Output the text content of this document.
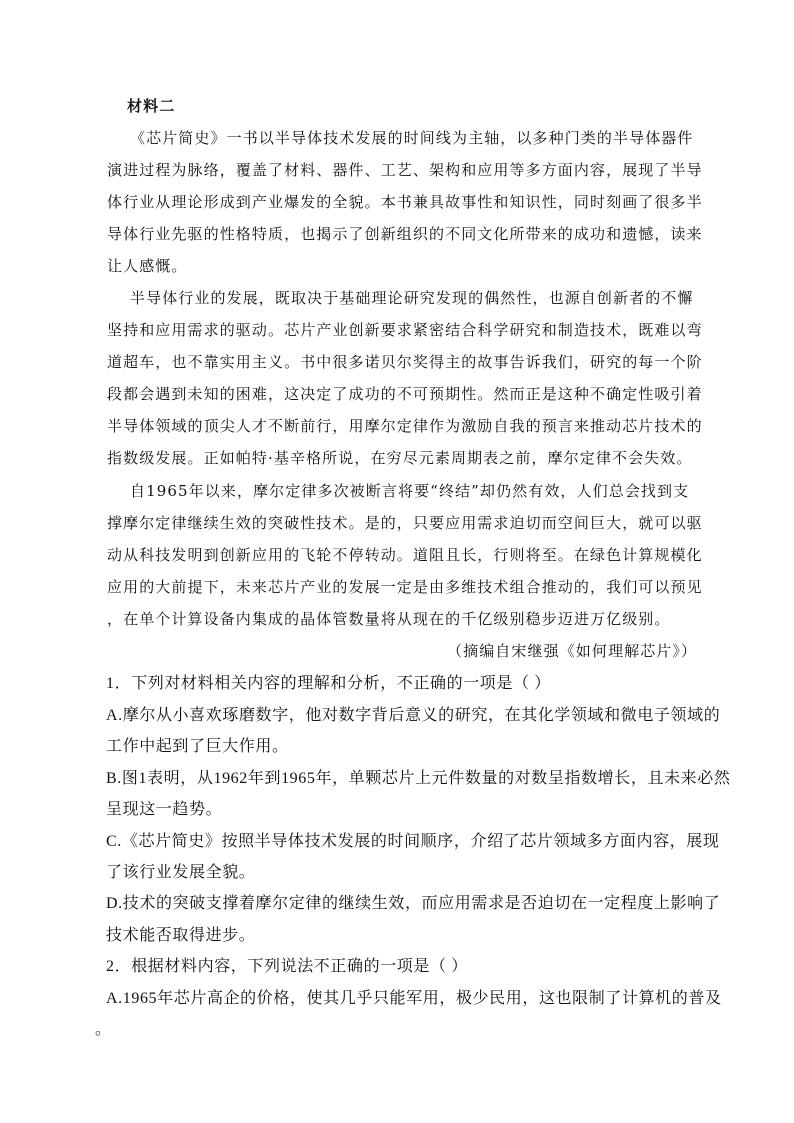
材料二
《芯片简史》一书以半导体技术发展的时间线为主轴，以多种门类的半导体器件
演进过程为脉络，覆盖了材料、器件、工艺、架构和应用等多方面内容，展现了半导
体行业从理论形成到产业爆发的全貌。本书兼具故事性和知识性，同时刻画了很多半
导体行业先驱的性格特质，也揭示了创新组织的不同文化所带来的成功和遗憾，读来
让人感慨。
半导体行业的发展，既取决于基础理论研究发现的偶然性，也源自创新者的不懈
坚持和应用需求的驱动。芯片产业创新要求紧密结合科学研究和制造技术，既难以弯
道超车，也不靠实用主义。书中很多诺贝尔奖得主的故事告诉我们，研究的每一个阶
段都会遇到未知的困难，这决定了成功的不可预期性。然而正是这种不确定性吸引着
半导体领域的顶尖人才不断前行，用摩尔定律作为激励自我的预言来推动芯片技术的
指数级发展。正如帕特·基辛格所说，在穷尽元素周期表之前，摩尔定律不会失效。
自1965年以来，摩尔定律多次被断言将要“终结”却仍然有效，人们总会找到支
撑摩尔定律继续生效的突破性技术。是的，只要应用需求迫切而空间巨大，就可以驱
动从科技发明到创新应用的飞轮不停转动。道阻且长，行则将至。在绿色计算规模化
应用的大前提下，未来芯片产业的发展一定是由多维技术组合推动的，我们可以预见
，在单个计算设备内集成的晶体管数量将从现在的千亿级别稳步迈进万亿级别。
（摘编自宋继强《如何理解芯片》）
1．下列对材料相关内容的理解和分析，不正确的一项是（ ）
A.摩尔从小喜欢琢磨数字，他对数字背后意义的研究，在其化学领域和微电子领域的
工作中起到了巨大作用。
B.图1表明，从1962年到1965年，单颗芯片上元件数量的对数呈指数增长，且未来必然
呈现这一趋势。
C.《芯片简史》按照半导体技术发展的时间顺序，介绍了芯片领域多方面内容，展现
了该行业发展全貌。
D.技术的突破支撑着摩尔定律的继续生效，而应用需求是否迫切在一定程度上影响了
技术能否取得进步。
2．根据材料内容，下列说法不正确的一项是（ ）
A.1965年芯片高企的价格，使其几乎只能军用，极少民用，这也限制了计算机的普及
。
